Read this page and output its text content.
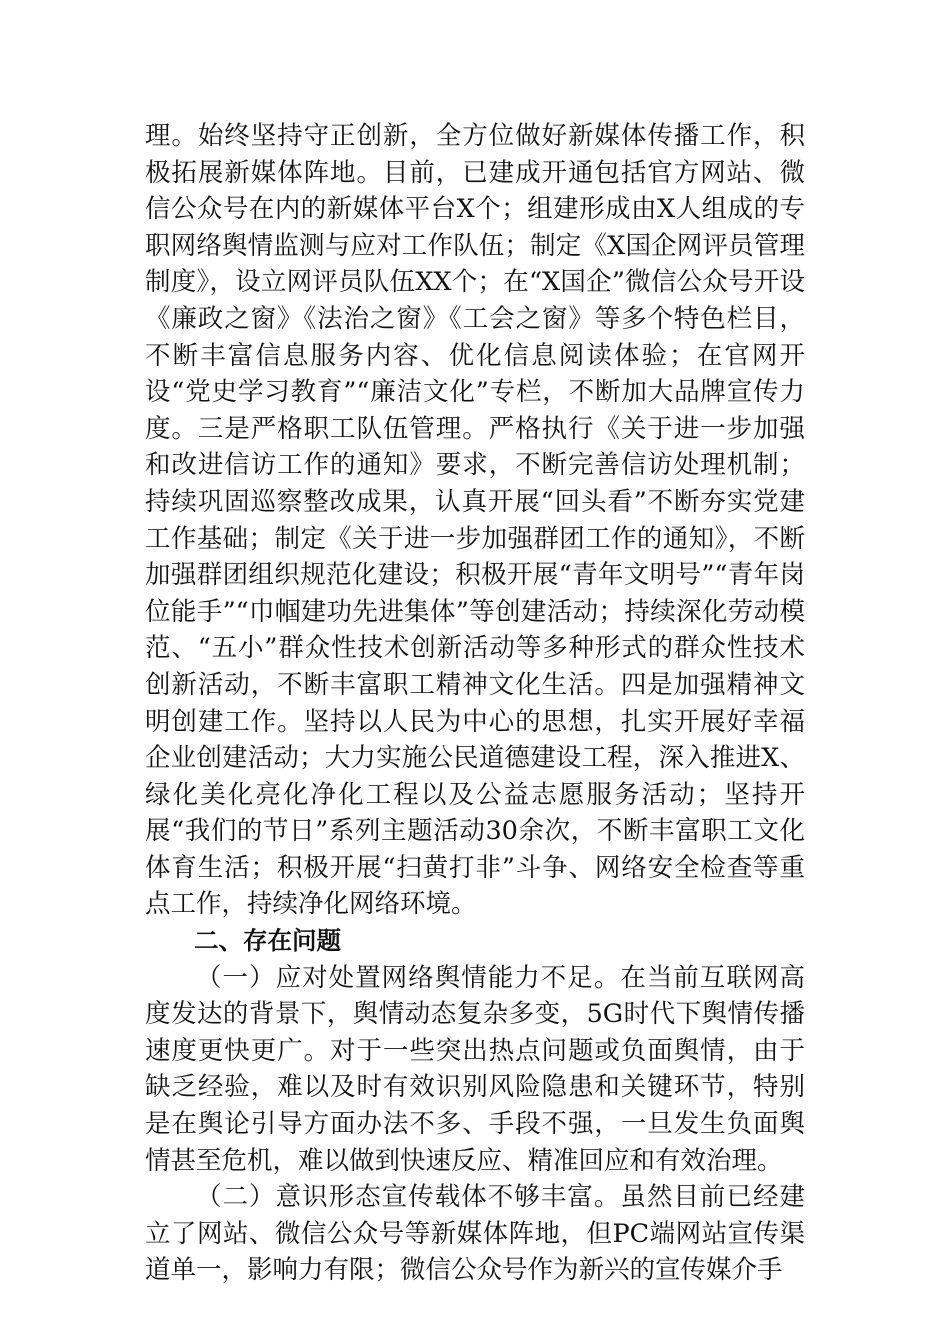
理。始终坚持守正创新，全方位做好新媒体传播工作，积极拓展新媒体阵地。目前，已建成开通包括官方网站、微信公众号在内的新媒体平台X个；组建形成由X人组成的专职网络舆情监测与应对工作队伍；制定《X国企网评员管理制度》，设立网评员队伍XX个；在“X国企”微信公众号开设《廉政之窗》《法治之窗》《工会之窗》等多个特色栏目，不断丰富信息服务内容、优化信息阅读体验；在官网开设“党史学习教育”“廉洁文化”专栏，不断加大品牌宣传力度。三是严格职工队伍管理。严格执行《关于进一步加强和改进信访工作的通知》要求，不断完善信访处理机制；持续巩固巡察整改成果，认真开展“回头看”不断夯实党建工作基础；制定《关于进一步加强群团工作的通知》，不断加强群团组织规范化建设；积极开展“青年文明号”“青年岗位能手”“巾帼建功先进集体”等创建活动；持续深化劳动模范、“五小”群众性技术创新活动等多种形式的群众性技术创新活动，不断丰富职工精神文化生活。四是加强精神文明创建工作。坚持以人民为中心的思想，扎实开展好幸福企业创建活动；大力实施公民道德建设工程，深入推进X、绿化美化亮化净化工程以及公益志愿服务活动；坚持开展“我们的节日”系列主题活动30余次，不断丰富职工文化体育生活；积极开展“扫黄打非”斗争、网络安全检查等重点工作，持续净化网络环境。

二、存在问题

（一）应对处置网络舆情能力不足。在当前互联网高度发达的背景下，舆情动态复杂多变，5G时代下舆情传播速度更快更广。对于一些突出热点问题或负面舆情，由于缺乏经验，难以及时有效识别风险隐患和关键环节，特别是在舆论引导方面办法不多、手段不强，一旦发生负面舆情甚至危机，难以做到快速反应、精准回应和有效治理。

（二）意识形态宣传载体不够丰富。虽然目前已经建立了网站、微信公众号等新媒体阵地，但PC端网站宣传渠道单一，影响力有限；微信公众号作为新兴的宣传媒介手
